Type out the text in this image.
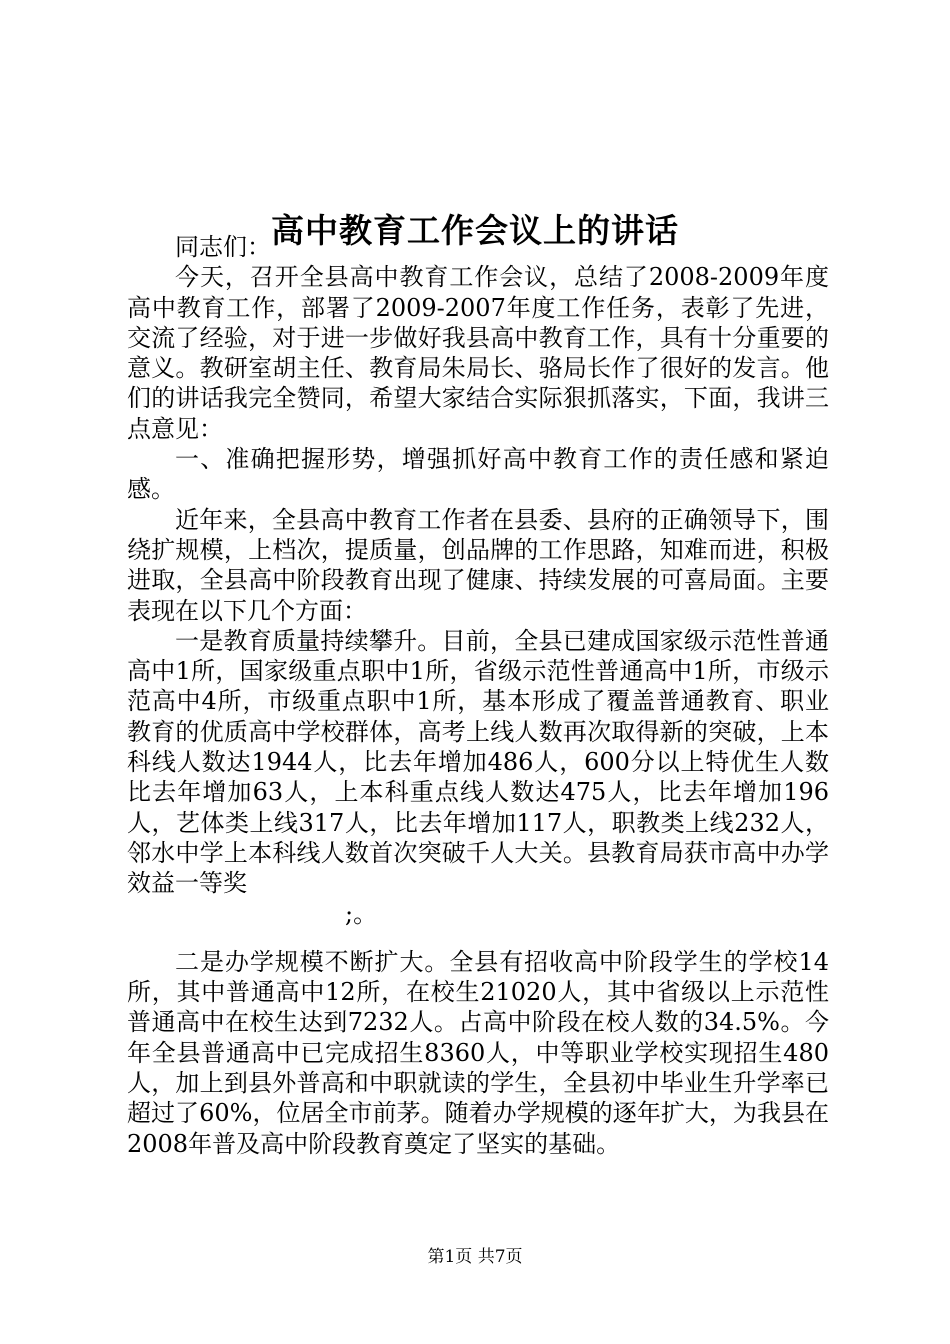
高中教育工作会议上的讲话

同志们：

今天，召开全县高中教育工作会议，总结了2008-2009年度高中教育工作，部署了2009-2007年度工作任务，表彰了先进，交流了经验，对于进一步做好我县高中教育工作，具有十分重要的意义。教研室胡主任、教育局朱局长、骆局长作了很好的发言。他们的讲话我完全赞同，希望大家结合实际狠抓落实，下面，我讲三点意见：

一、准确把握形势，增强抓好高中教育工作的责任感和紧迫感。

近年来，全县高中教育工作者在县委、县府的正确领导下，围绕扩规模，上档次，提质量，创品牌的工作思路，知难而进，积极进取，全县高中阶段教育出现了健康、持续发展的可喜局面。主要表现在以下几个方面：

一是教育质量持续攀升。目前，全县已建成国家级示范性普通高中1所，国家级重点职中1所，省级示范性普通高中1所，市级示范高中4所，市级重点职中1所，基本形成了覆盖普通教育、职业教育的优质高中学校群体，高考上线人数再次取得新的突破，上本科线人数达1944人，比去年增加486人，600分以上特优生人数比去年增加63人，上本科重点线人数达475人，比去年增加196人，艺体类上线317人，比去年增加117人，职教类上线232人，邻水中学上本科线人数首次突破千人大关。县教育局获市高中办学效益一等奖

;。

二是办学规模不断扩大。全县有招收高中阶段学生的学校14所，其中普通高中12所，在校生21020人，其中省级以上示范性普通高中在校生达到7232人。占高中阶段在校人数的34.5%。今年全县普通高中已完成招生8360人，中等职业学校实现招生480人，加上到县外普高和中职就读的学生，全县初中毕业生升学率已超过了60%，位居全市前茅。随着办学规模的逐年扩大，为我县在2008年普及高中阶段教育奠定了坚实的基础。

第1页 共7页
